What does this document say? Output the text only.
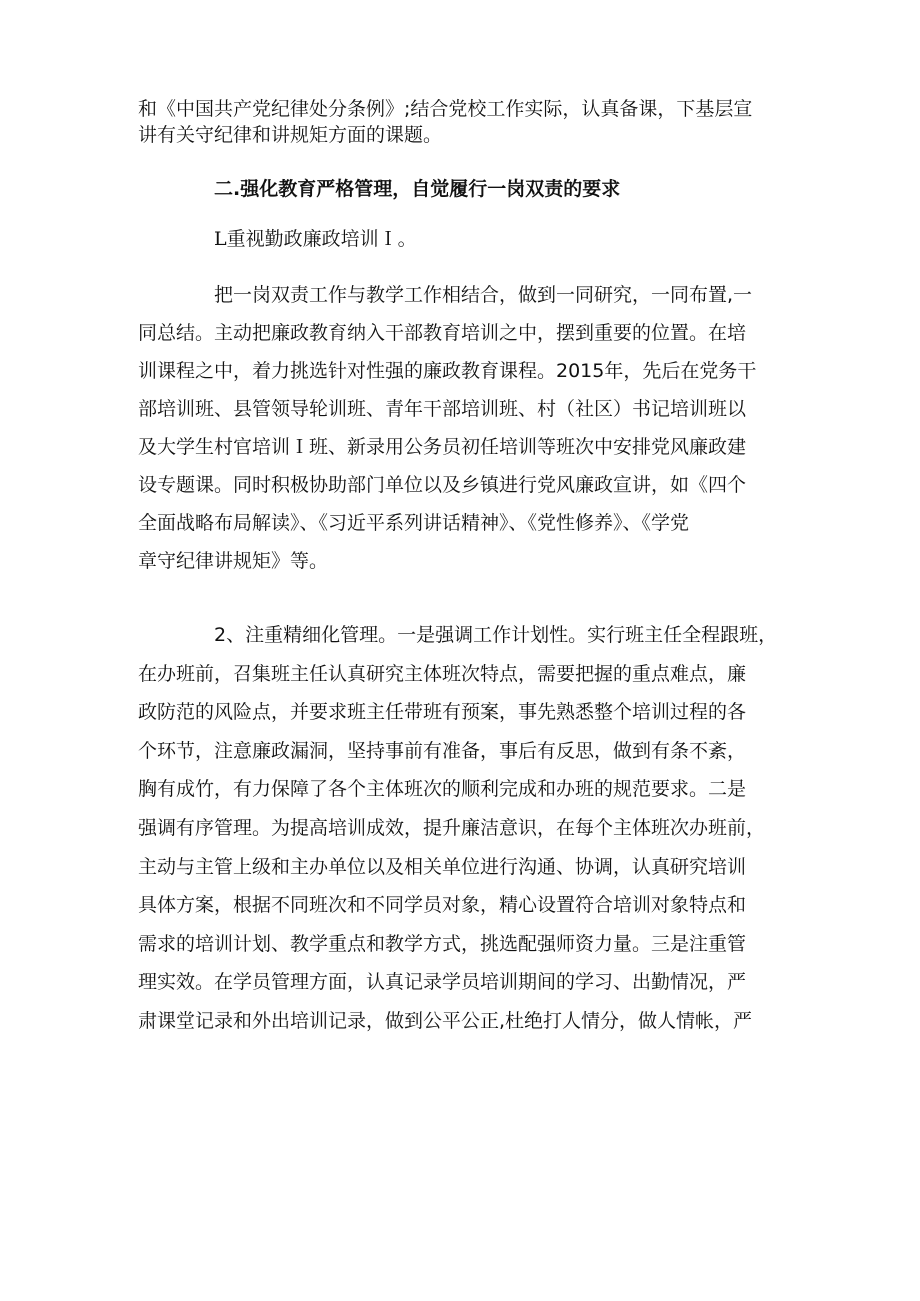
和《中国共产党纪律处分条例》;结合党校工作实际，认真备课，下基层宣
讲有关守纪律和讲规矩方面的课题。
二.强化教育严格管理，自觉履行一岗双责的要求
L重视勤政廉政培训Ｉ。
把一岗双责工作与教学工作相结合，做到一同研究，一同布置,一
同总结。主动把廉政教育纳入干部教育培训之中，摆到重要的位置。在培
训课程之中，着力挑选针对性强的廉政教育课程。2015年，先后在党务干
部培训班、县管领导轮训班、青年干部培训班、村（社区）书记培训班以
及大学生村官培训Ｉ班、新录用公务员初任培训等班次中安排党风廉政建
设专题课。同时积极协助部门单位以及乡镇进行党风廉政宣讲，如《四个
全面战略布局解读》、《习近平系列讲话精神》、《党性修养》、《学党
章守纪律讲规矩》等。
2、注重精细化管理。一是强调工作计划性。实行班主任全程跟班，
在办班前，召集班主任认真研究主体班次特点，需要把握的重点难点，廉
政防范的风险点，并要求班主任带班有预案，事先熟悉整个培训过程的各
个环节，注意廉政漏洞，坚持事前有准备，事后有反思，做到有条不紊，
胸有成竹，有力保障了各个主体班次的顺利完成和办班的规范要求。二是
强调有序管理。为提高培训成效，提升廉洁意识，在每个主体班次办班前，
主动与主管上级和主办单位以及相关单位进行沟通、协调，认真研究培训
具体方案，根据不同班次和不同学员对象，精心设置符合培训对象特点和
需求的培训计划、教学重点和教学方式，挑选配强师资力量。三是注重管
理实效。在学员管理方面，认真记录学员培训期间的学习、出勤情况，严
肃课堂记录和外出培训记录，做到公平公正,杜绝打人情分，做人情帐，严
